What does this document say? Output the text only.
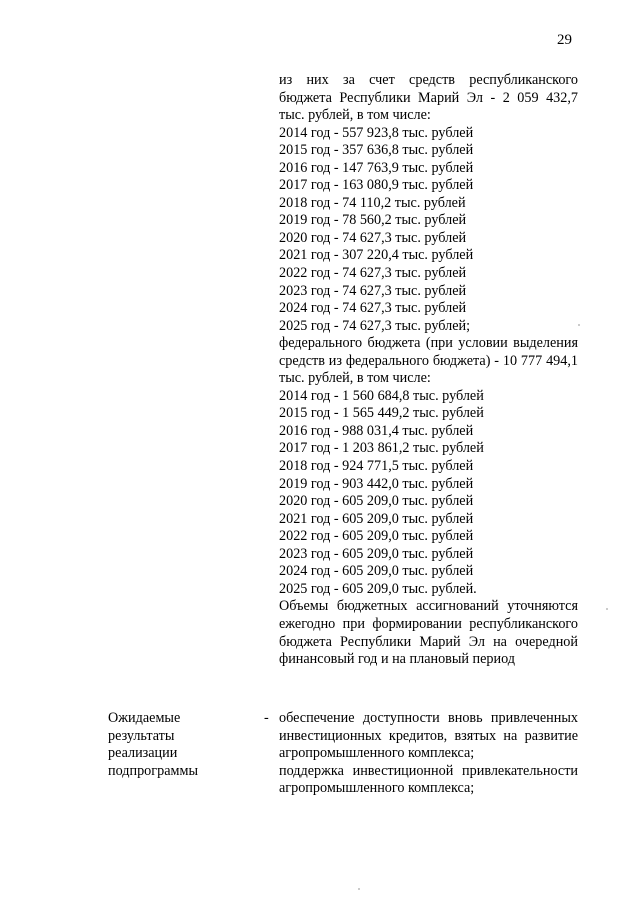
29

из них за счет средств республиканского бюджета Республики Марий Эл - 2 059 432,7 тыс. рублей, в том числе:

2014 год - 557 923,8 тыс. рублей

2015 год - 357 636,8 тыс. рублей

2016 год - 147 763,9 тыс. рублей

2017 год - 163 080,9 тыс. рублей

2018 год - 74 110,2 тыс. рублей

2019 год - 78 560,2 тыс. рублей

2020 год - 74 627,3 тыс. рублей

2021 год - 307 220,4 тыс. рублей

2022 год - 74 627,3 тыс. рублей

2023 год - 74 627,3 тыс. рублей

2024 год - 74 627,3 тыс. рублей

2025 год - 74 627,3 тыс. рублей;

федерального бюджета (при условии выделения средств из федерального бюджета) - 10 777 494,1 тыс. рублей, в том числе:

2014 год - 1 560 684,8 тыс. рублей

2015 год - 1 565 449,2 тыс. рублей

2016 год - 988 031,4 тыс. рублей

2017 год - 1 203 861,2 тыс. рублей

2018 год - 924 771,5 тыс. рублей

2019 год - 903 442,0 тыс. рублей

2020 год - 605 209,0 тыс. рублей

2021 год - 605 209,0 тыс. рублей

2022 год - 605 209,0 тыс. рублей

2023 год - 605 209,0 тыс. рублей

2024 год - 605 209,0 тыс. рублей

2025 год - 605 209,0 тыс. рублей.

Объемы бюджетных ассигнований уточняются ежегодно при формировании республиканского бюджета Республики Марий Эл на очередной финансовый год и на плановый период

Ожидаемые

результаты

реализации

подпрограммы

- обеспечение доступности вновь привлеченных инвестиционных кредитов, взятых на развитие агропромышленного комплекса;

поддержка инвестиционной привлекательности агропромышленного комплекса;
